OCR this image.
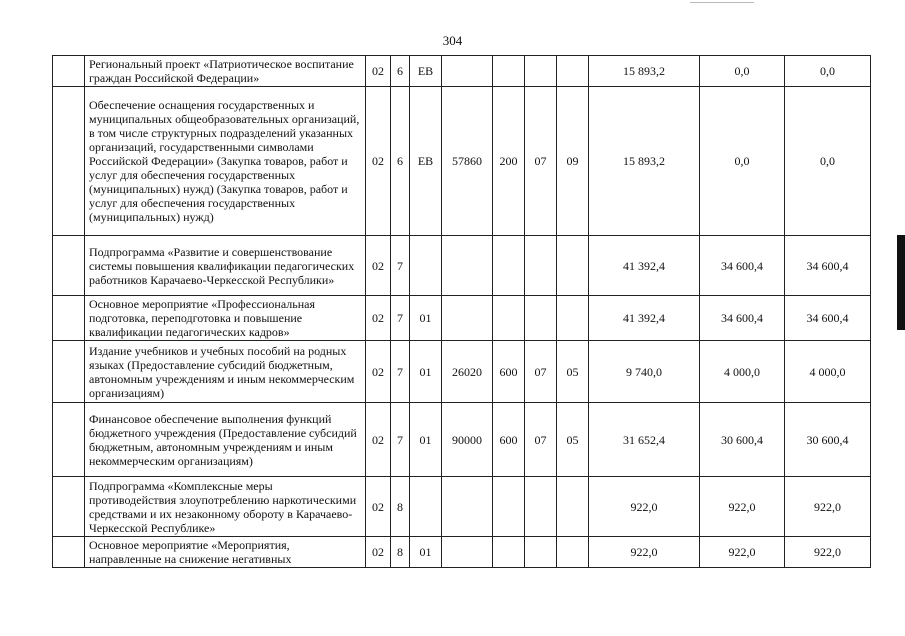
304
	Региональный проект «Патриотическое воспитание граждан Российской Федерации»	02	6	ЕВ					15 893,2	0,0	0,0
	Обеспечение оснащения государственных и муниципальных общеобразовательных организаций, в том числе структурных подразделений указанных организаций, государственными символами Российской Федерации» (Закупка товаров, работ и услуг для обеспечения государственных (муниципальных) нужд) (Закупка товаров, работ и услуг для обеспечения государственных (муниципальных) нужд)	02	6	ЕВ	57860	200	07	09	15 893,2	0,0	0,0
	Подпрограмма «Развитие и совершенствование системы повышения квалификации педагогических работников Карачаево-Черкесской Республики»	02	7						41 392,4	34 600,4	34 600,4
	Основное мероприятие «Профессиональная подготовка, переподготовка и повышение квалификации педагогических кадров»	02	7	01					41 392,4	34 600,4	34 600,4
	Издание учебников и учебных пособий на родных языках (Предоставление субсидий бюджетным, автономным учреждениям и иным некоммерческим организациям)	02	7	01	26020	600	07	05	9 740,0	4 000,0	4 000,0
	Финансовое обеспечение выполнения функций бюджетного учреждения (Предоставление субсидий бюджетным, автономным учреждениям и иным некоммерческим организациям)	02	7	01	90000	600	07	05	31 652,4	30 600,4	30 600,4
	Подпрограмма «Комплексные меры противодействия злоупотреблению наркотическими средствами и их незаконному обороту в Карачаево-Черкесской Республике»	02	8						922,0	922,0	922,0
	Основное мероприятие «Мероприятия, направленные на снижение негативных	02	8	01					922,0	922,0	922,0
